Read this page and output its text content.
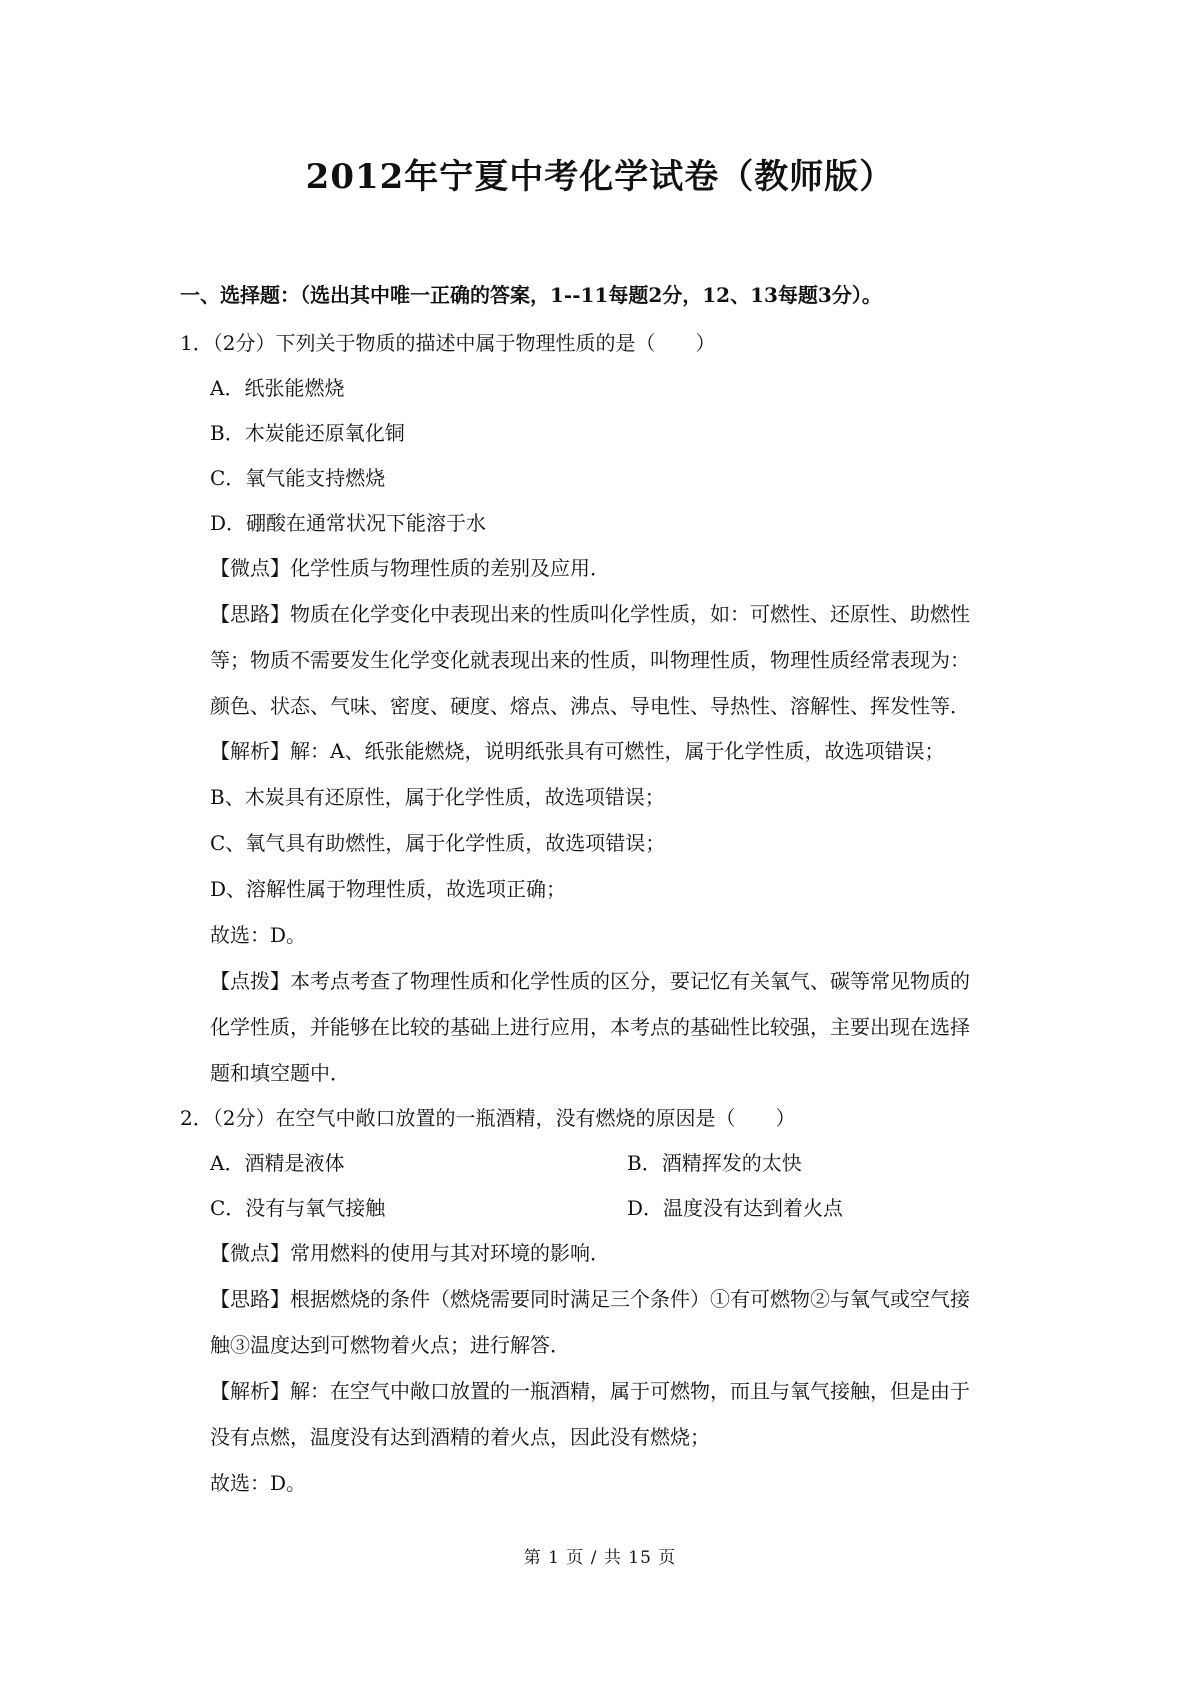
2012年宁夏中考化学试卷（教师版）
一、选择题：（选出其中唯一正确的答案，1--11每题2分，12、13每题3分）。
1．（2分）下列关于物质的描述中属于物理性质的是（　　）
A．纸张能燃烧
B．木炭能还原氧化铜
C．氧气能支持燃烧
D．硼酸在通常状况下能溶于水
【微点】化学性质与物理性质的差别及应用．
【思路】物质在化学变化中表现出来的性质叫化学性质，如：可燃性、还原性、助燃性
等；物质不需要发生化学变化就表现出来的性质，叫物理性质，物理性质经常表现为：
颜色、状态、气味、密度、硬度、熔点、沸点、导电性、导热性、溶解性、挥发性等．
【解析】解：A、纸张能燃烧，说明纸张具有可燃性，属于化学性质，故选项错误；
B、木炭具有还原性，属于化学性质，故选项错误；
C、氧气具有助燃性，属于化学性质，故选项错误；
D、溶解性属于物理性质，故选项正确；
故选：D。
【点拨】本考点考查了物理性质和化学性质的区分，要记忆有关氧气、碳等常见物质的
化学性质，并能够在比较的基础上进行应用，本考点的基础性比较强，主要出现在选择
题和填空题中．
2．（2分）在空气中敞口放置的一瓶酒精，没有燃烧的原因是（　　）
A．酒精是液体	B．酒精挥发的太快
C．没有与氧气接触	D．温度没有达到着火点
【微点】常用燃料的使用与其对环境的影响．
【思路】根据燃烧的条件（燃烧需要同时满足三个条件）①有可燃物②与氧气或空气接
触③温度达到可燃物着火点；进行解答．
【解析】解：在空气中敞口放置的一瓶酒精，属于可燃物，而且与氧气接触，但是由于
没有点燃，温度没有达到酒精的着火点，因此没有燃烧；
故选：D。
第 1 页 / 共 15 页
